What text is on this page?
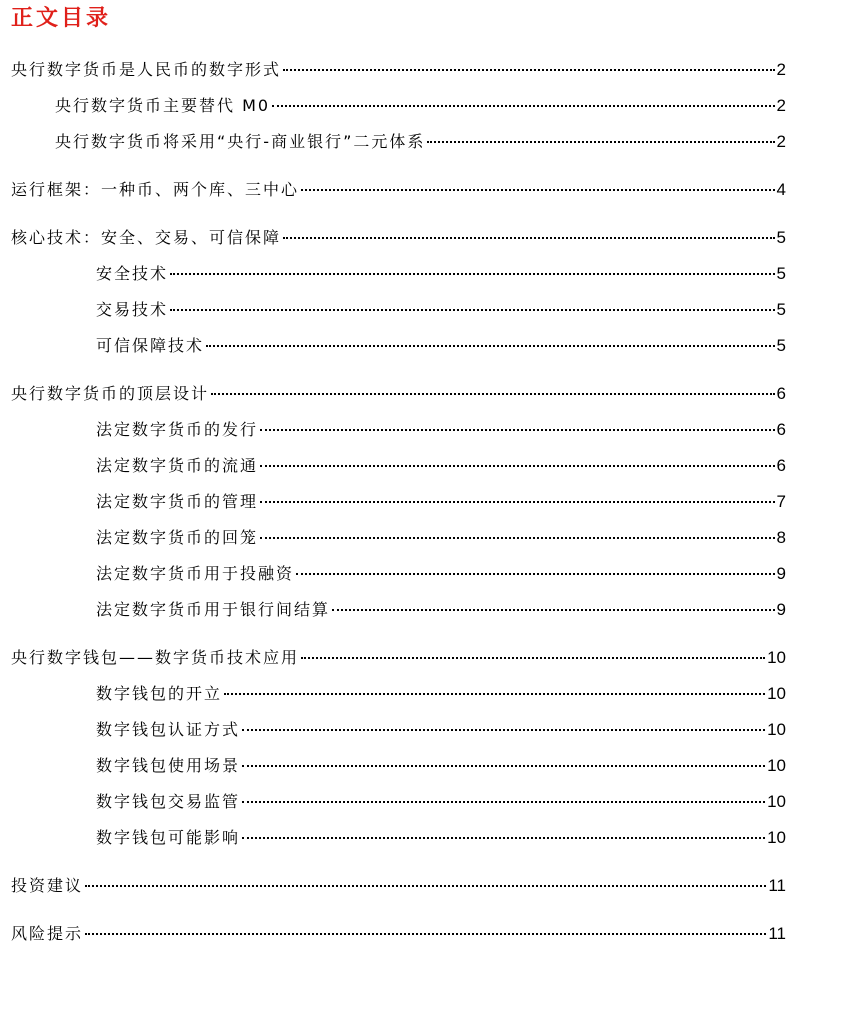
正文目录
央行数字货币是人民币的数字形式	2
央行数字货币主要替代 M0	2
央行数字货币将采用“央行-商业银行”二元体系	2
运行框架：一种币、两个库、三中心	4
核心技术：安全、交易、可信保障	5
安全技术	5
交易技术	5
可信保障技术	5
央行数字货币的顶层设计	6
法定数字货币的发行	6
法定数字货币的流通	6
法定数字货币的管理	7
法定数字货币的回笼	8
法定数字货币用于投融资	9
法定数字货币用于银行间结算	9
央行数字钱包——数字货币技术应用	10
数字钱包的开立	10
数字钱包认证方式	10
数字钱包使用场景	10
数字钱包交易监管	10
数字钱包可能影响	10
投资建议	11
风险提示	11
